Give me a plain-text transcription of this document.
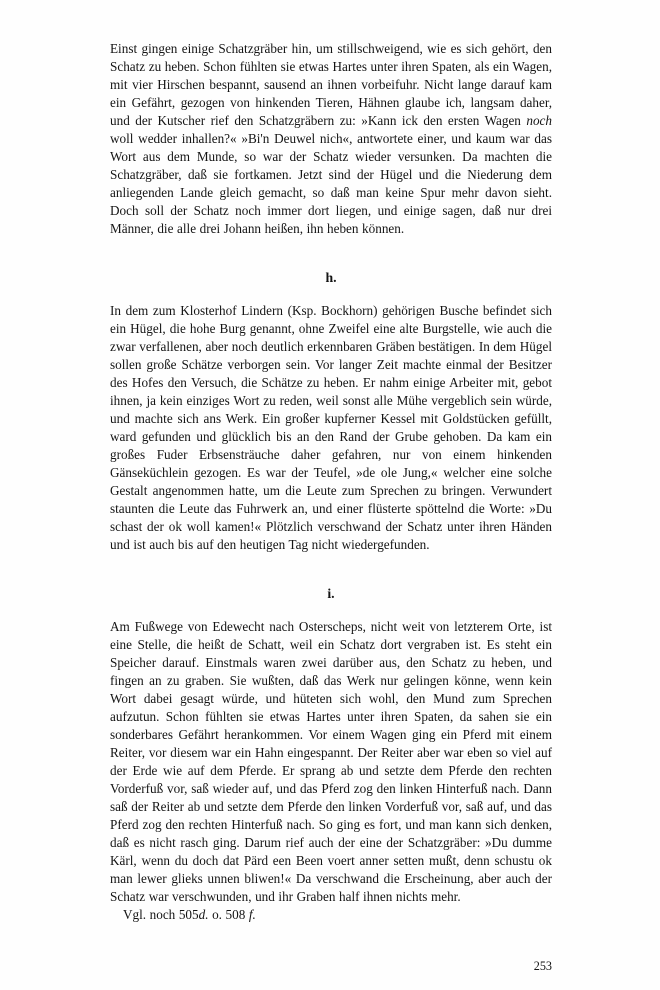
Einst gingen einige Schatzgräber hin, um stillschweigend, wie es sich gehört, den Schatz zu heben. Schon fühlten sie etwas Hartes unter ihren Spaten, als ein Wagen, mit vier Hirschen bespannt, sausend an ihnen vorbeifuhr. Nicht lange darauf kam ein Gefährt, gezogen von hinkenden Tieren, Hähnen glaube ich, langsam daher, und der Kutscher rief den Schatzgräbern zu: »Kann ick den ersten Wagen noch woll wedder inhallen?« »Bi'n Deuwel nich«, antwortete einer, und kaum war das Wort aus dem Munde, so war der Schatz wieder versunken. Da machten die Schatzgräber, daß sie fortkamen. Jetzt sind der Hügel und die Niederung dem anliegenden Lande gleich gemacht, so daß man keine Spur mehr davon sieht. Doch soll der Schatz noch immer dort liegen, und einige sagen, daß nur drei Männer, die alle drei Johann heißen, ihn heben können.

h.

In dem zum Klosterhof Lindern (Ksp. Bockhorn) gehörigen Busche befindet sich ein Hügel, die hohe Burg genannt, ohne Zweifel eine alte Burgstelle, wie auch die zwar verfallenen, aber noch deutlich erkennbaren Gräben bestätigen. In dem Hügel sollen große Schätze verborgen sein. Vor langer Zeit machte einmal der Besitzer des Hofes den Versuch, die Schätze zu heben. Er nahm einige Arbeiter mit, gebot ihnen, ja kein einziges Wort zu reden, weil sonst alle Mühe vergeblich sein würde, und machte sich ans Werk. Ein großer kupferner Kessel mit Goldstücken gefüllt, ward gefunden und glücklich bis an den Rand der Grube gehoben. Da kam ein großes Fuder Erbsensträuche daher gefahren, nur von einem hinkenden Gänseküchlein gezogen. Es war der Teufel, »de ole Jung,« welcher eine solche Gestalt angenommen hatte, um die Leute zum Sprechen zu bringen. Verwundert staunten die Leute das Fuhrwerk an, und einer flüsterte spöttelnd die Worte: »Du schast der ok woll kamen!« Plötzlich verschwand der Schatz unter ihren Händen und ist auch bis auf den heutigen Tag nicht wiedergefunden.

i.

Am Fußwege von Edewecht nach Osterscheps, nicht weit von letzterem Orte, ist eine Stelle, die heißt de Schatt, weil ein Schatz dort vergraben ist. Es steht ein Speicher darauf. Einstmals waren zwei darüber aus, den Schatz zu heben, und fingen an zu graben. Sie wußten, daß das Werk nur gelingen könne, wenn kein Wort dabei gesagt würde, und hüteten sich wohl, den Mund zum Sprechen aufzutun. Schon fühlten sie etwas Hartes unter ihren Spaten, da sahen sie ein sonderbares Gefährt herankommen. Vor einem Wagen ging ein Pferd mit einem Reiter, vor diesem war ein Hahn eingespannt. Der Reiter aber war eben so viel auf der Erde wie auf dem Pferde. Er sprang ab und setzte dem Pferde den rechten Vorderfuß vor, saß wieder auf, und das Pferd zog den linken Hinterfuß nach. Dann saß der Reiter ab und setzte dem Pferde den linken Vorderfuß vor, saß auf, und das Pferd zog den rechten Hinterfuß nach. So ging es fort, und man kann sich denken, daß es nicht rasch ging. Darum rief auch der eine der Schatzgräber: »Du dumme Kärl, wenn du doch dat Pärd een Been voert anner setten mußt, denn schustu ok man lewer glieks unnen bliwen!« Da verschwand die Erscheinung, aber auch der Schatz war verschwunden, und ihr Graben half ihnen nichts mehr.

Vgl. noch 505d. o. 508 f.

253
